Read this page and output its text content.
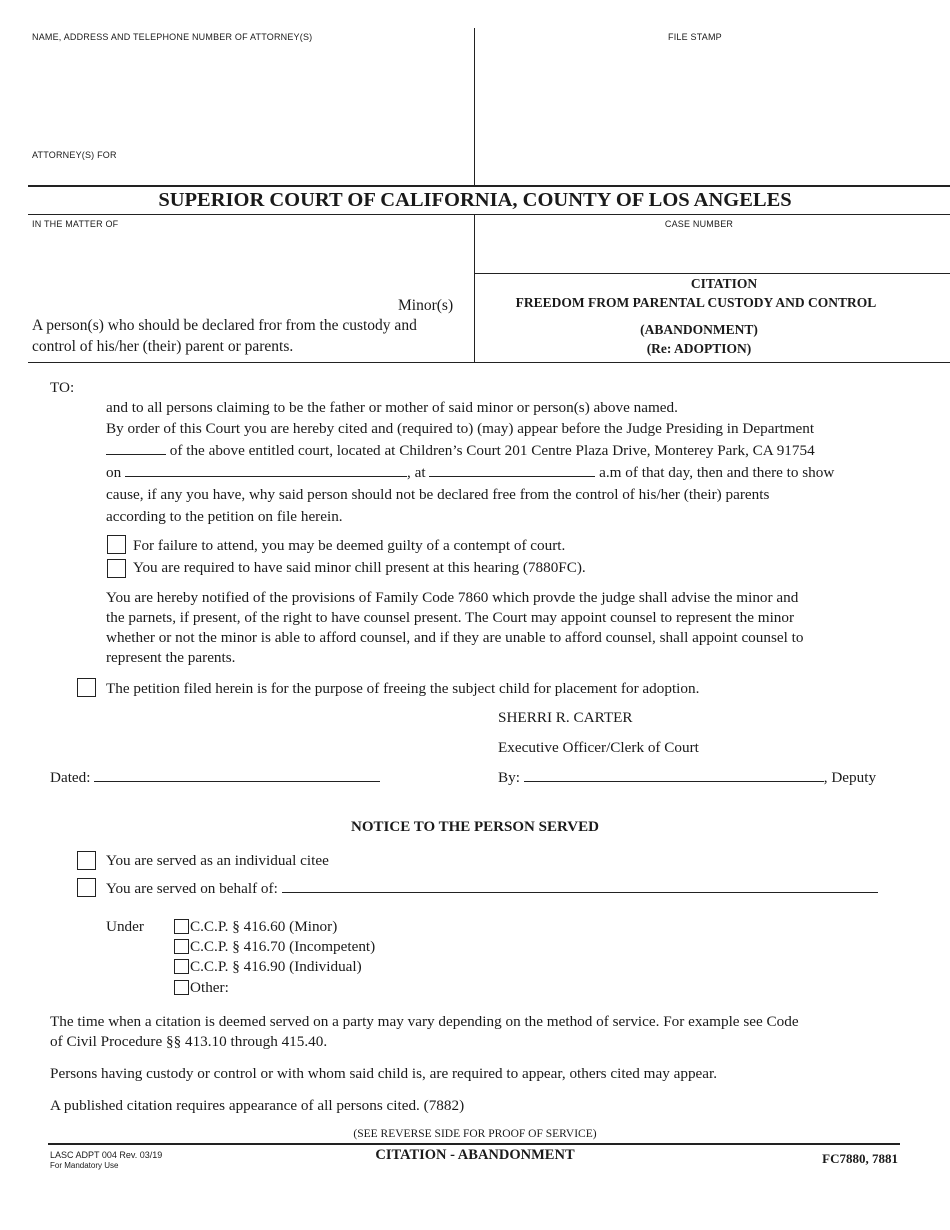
NAME, ADDRESS AND TELEPHONE NUMBER OF ATTORNEY(S)	FILE STAMP
ATTORNEY(S) FOR
SUPERIOR COURT OF CALIFORNIA, COUNTY OF LOS ANGELES
IN THE MATTER OF	CASE NUMBER
Minor(s)
A person(s) who should be declared fror from the custody and
control of his/her (their) parent or parents.
CITATION
FREEDOM FROM PARENTAL CUSTODY AND CONTROL
(ABANDONMENT)
(Re: ADOPTION)
TO:
and to all persons claiming to be the father or mother of said minor or person(s) above named.
By order of this Court you are hereby cited and (required to) (may) appear before the Judge Presiding in Department
of the above entitled court, located at Children’s Court 201 Centre Plaza Drive, Monterey Park, CA 91754
on	, at	a.m of that day, then and there to show
cause, if any you have, why said person should not be declared free from the control of his/her (their) parents
according to the petition on file herein.
For failure to attend, you may be deemed guilty of a contempt of court.
You are required to have said minor chill present at this hearing (7880FC).
You are hereby notified of the provisions of Family Code 7860 which provde the judge shall advise the minor and
the parnets, if present, of the right to have counsel present. The Court may appoint counsel to represent the minor
whether or not the minor is able to afford counsel, and if they are unable to afford counsel, shall appoint counsel to
represent the parents.
The petition filed herein is for the purpose of freeing the subject child for placement for adoption.
SHERRI R. CARTER
Executive Officer/Clerk of Court
Dated:	By:	, Deputy
NOTICE TO THE PERSON SERVED
You are served as an individual citee
You are served on behalf of:
Under	C.C.P. § 416.60 (Minor)
C.C.P. § 416.70 (Incompetent)
C.C.P. § 416.90 (Individual)
Other:
The time when a citation is deemed served on a party may vary depending on the method of service. For example see Code
of Civil Procedure §§ 413.10 through 415.40.
Persons having custody or control or with whom said child is, are required to appear, others cited may appear.
A published citation requires appearance of all persons cited. (7882)
(SEE REVERSE SIDE FOR PROOF OF SERVICE)
LASC ADPT 004 Rev. 03/19
For Mandatory Use
CITATION - ABANDONMENT	FC7880, 7881
